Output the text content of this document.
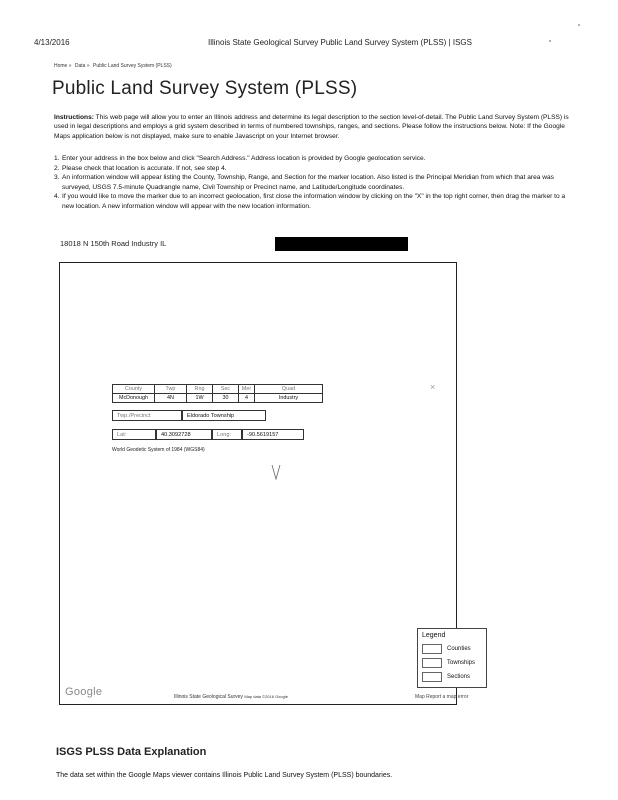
4/13/2016	Illinois State Geological Survey Public Land Survey System (PLSS) | ISGS
Home » Data » Public Land Survey System (PLSS)
Public Land Survey System (PLSS)

Instructions: This web page will allow you to enter an Illinois address and determine its legal description to the section level-of-detail. The Public Land Survey System (PLSS) is used in legal descriptions and employs a grid system described in terms of numbered townships, ranges, and sections. Please follow the instructions below. Note: If the Google Maps application below is not displayed, make sure to enable Javascript on your Internet browser.

1. Enter your address in the box below and click "Search Address." Address location is provided by Google geolocation service.
2. Please check that location is accurate. If not, see step 4.
3. An information window will appear listing the County, Township, Range, and Section for the marker location. Also listed is the Principal Meridian from which that area was surveyed, USGS 7.5-minute Quadrangle name, Civil Township or Precinct name, and Latitude/Longitude coordinates.
4. If you would like to move the marker due to an incorrect geolocation, first close the information window by clicking on the "X" in the top right corner, then drag the marker to a new location. A new information window will appear with the new location information.
18018 N 150th Road Industry IL
×
County	Twp	Rng	Sec	Mer	Quad
McDonough	4N	1W	30	4	Industry
Twp./Precinct	Eldorado Township
Lat:	40.3092728	Long:	-90.5619157
World Geodetic System of 1984 (WGS84)
Legend
Counties
Townships
Sections
Google	Illinois State Geological Survey Map data ©2016 Google	Map Report a map error
ISGS PLSS Data Explanation

The data set within the Google Maps viewer contains Illinois Public Land Survey System (PLSS) boundaries.
